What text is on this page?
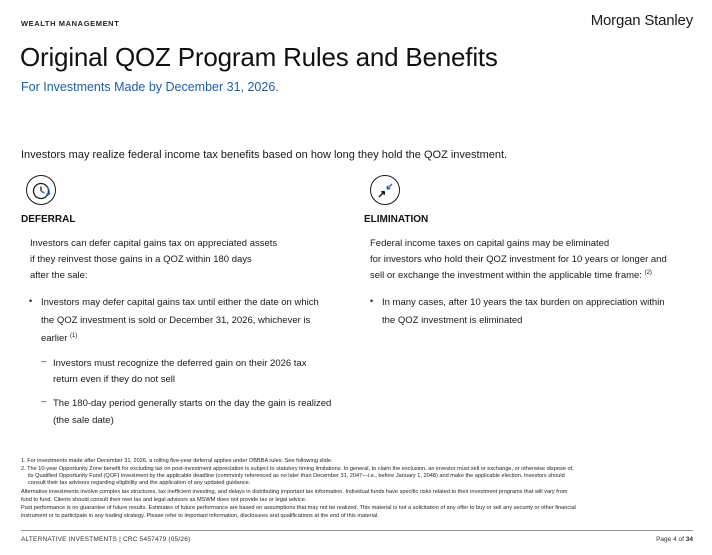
WEALTH MANAGEMENT	Morgan Stanley
Original QOZ Program Rules and Benefits
For Investments Made by December 31, 2026.
Investors may realize federal income tax benefits based on how long they hold the QOZ investment.
DEFERRAL
Investors can defer capital gains tax on appreciated assets
if they reinvest those gains in a QOZ within 180 days
after the sale:
• Investors may defer capital gains tax until either the date on which
the QOZ investment is sold or December 31, 2026, whichever is
earlier $^{(1)}$
– Investors must recognize the deferred gain on their 2026 tax
return even if they do not sell
– The 180-day period generally starts on the day the gain is realized
(the sale date)
ELIMINATION
Federal income taxes on capital gains may be eliminated
for investors who hold their QOZ investment for 10 years or longer and
sell or exchange the investment within the applicable time frame: $^{(2)}$
• In many cases, after 10 years the tax burden on appreciation within
the QOZ investment is eliminated
1. For investments made after December 31, 2026, a rolling five-year deferral applies under OBBBA rules. See following slide.
2. The 10-year Opportunity Zone benefit for excluding tax on post-investment appreciation is subject to statutory timing limitations. In general, to claim the exclusion, an investor must sell or exchange, or otherwise dispose of,
its Qualified Opportunity Fund (QOF) investment by the applicable deadline (commonly referenced as no later than December 31, 2047—i.e., before January 1, 2048) and make the applicable election. Investors should
consult their tax advisors regarding eligibility and the application of any updated guidance.
Alternative investments involve complex tax structures, tax inefficient investing, and delays in distributing important tax information. Individual funds have specific risks related to their investment programs that will vary from
fund to fund. Clients should consult their own tax and legal advisors as MSWM does not provide tax or legal advice.
Past performance is no guarantee of future results. Estimates of future performance are based on assumptions that may not be realized. This material is not a solicitation of any offer to buy or sell any security or other financial
instrument or to participate in any trading strategy. Please refer to important information, disclosures and qualifications at the end of this material.
ALTERNATIVE INVESTMENTS | CRC 5457479 (05/26)	Page 4 of 34
